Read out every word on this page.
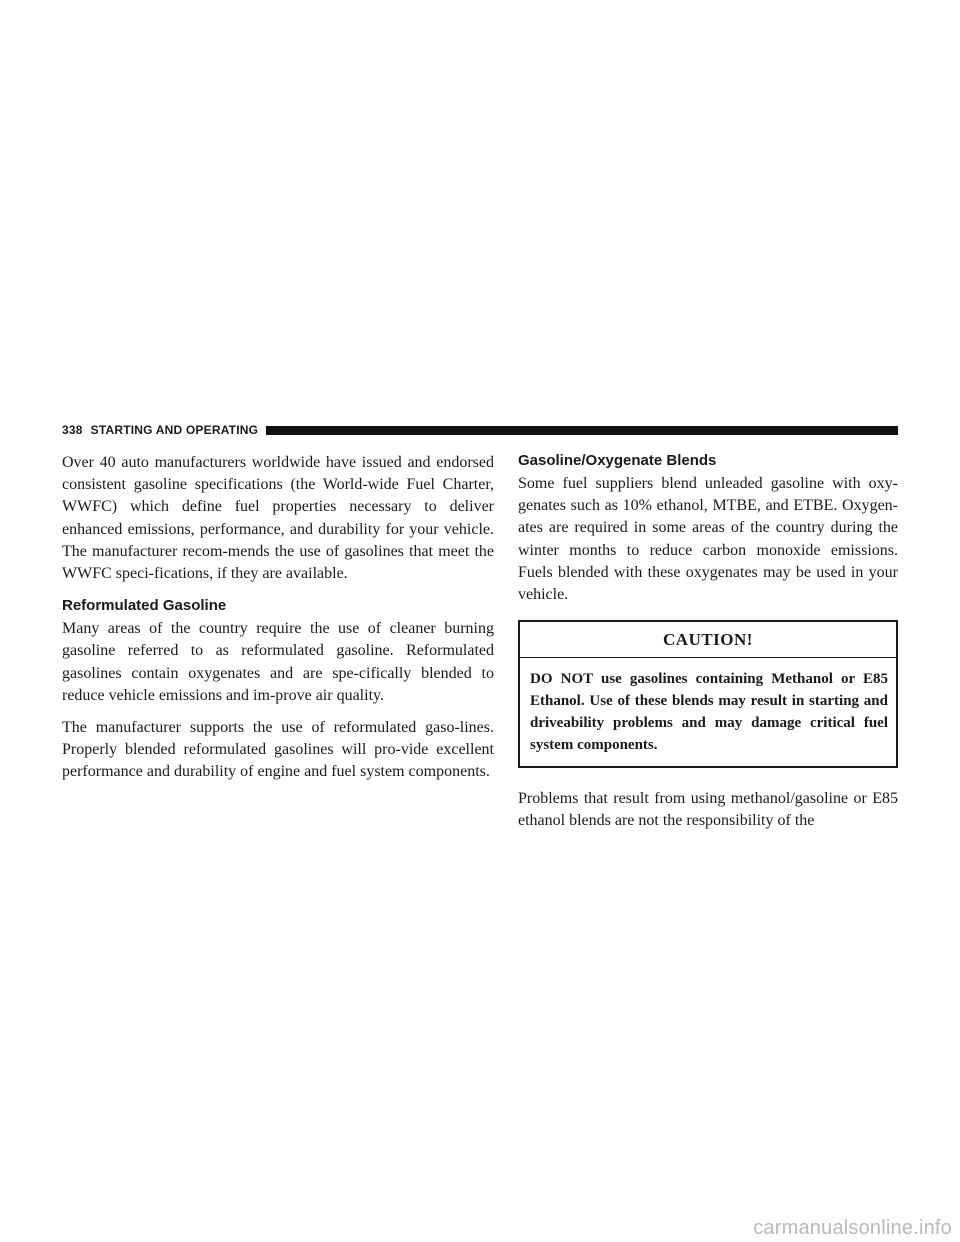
338 STARTING AND OPERATING

Over 40 auto manufacturers worldwide have issued and endorsed consistent gasoline specifications (the World-wide Fuel Charter, WWFC) which define fuel properties necessary to deliver enhanced emissions, performance, and durability for your vehicle. The manufacturer recom-mends the use of gasolines that meet the WWFC speci-fications, if they are available.

Reformulated Gasoline

Many areas of the country require the use of cleaner burning gasoline referred to as reformulated gasoline. Reformulated gasolines contain oxygenates and are spe-cifically blended to reduce vehicle emissions and im-prove air quality.

The manufacturer supports the use of reformulated gaso-lines. Properly blended reformulated gasolines will pro-vide excellent performance and durability of engine and fuel system components.

Gasoline/Oxygenate Blends

Some fuel suppliers blend unleaded gasoline with oxy-genates such as 10% ethanol, MTBE, and ETBE. Oxygen-ates are required in some areas of the country during the winter months to reduce carbon monoxide emissions. Fuels blended with these oxygenates may be used in your vehicle.

CAUTION!
DO NOT use gasolines containing Methanol or E85 Ethanol. Use of these blends may result in starting and driveability problems and may damage critical fuel system components.

Problems that result from using methanol/gasoline or E85 ethanol blends are not the responsibility of the

carmanualsonline.info
